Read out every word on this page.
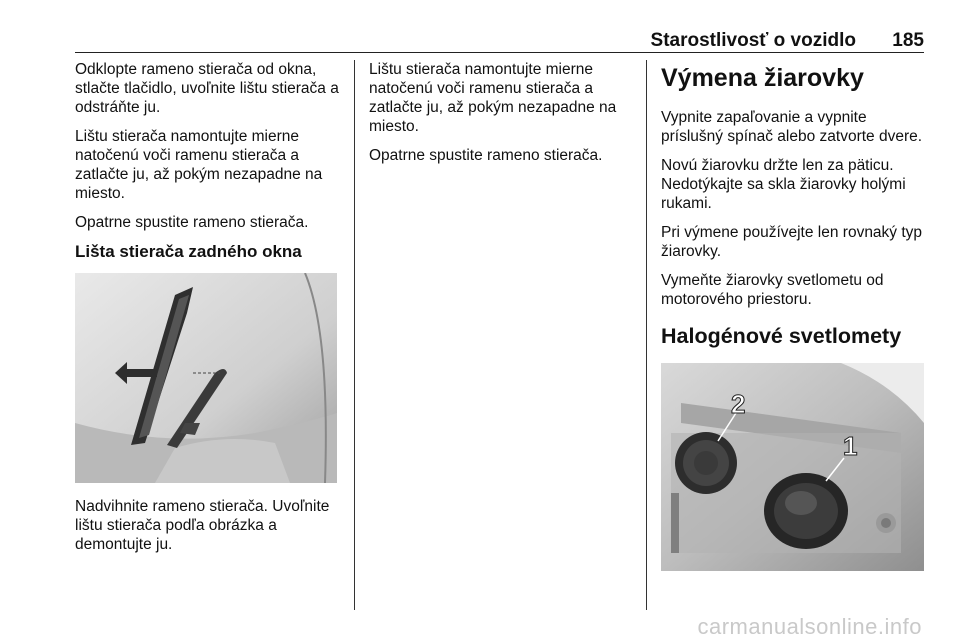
Starostlivosť o vozidlo 185

Odklopte rameno stierača od okna, stlačte tlačidlo, uvoľnite lištu stierača a odstráňte ju.

Lištu stierača namontujte mierne natočenú voči ramenu stierača a zatlačte ju, až pokým nezapadne na miesto.

Opatrne spustite rameno stierača.

Lišta stierača zadného okna

Nadvihnite rameno stierača. Uvoľnite lištu stierača podľa obrázka a demontujte ju.

Lištu stierača namontujte mierne natočenú voči ramenu stierača a zatlačte ju, až pokým nezapadne na miesto.

Opatrne spustite rameno stierača.

Výmena žiarovky

Vypnite zapaľovanie a vypnite príslušný spínač alebo zatvorte dvere.

Novú žiarovku držte len za päticu. Nedotýkajte sa skla žiarovky holými rukami.

Pri výmene používejte len rovnaký typ žiarovky.

Vymeňte žiarovky svetlometu od motorového priestoru.

Halogénové svetlomety
2
1
carmanualsonline.info
